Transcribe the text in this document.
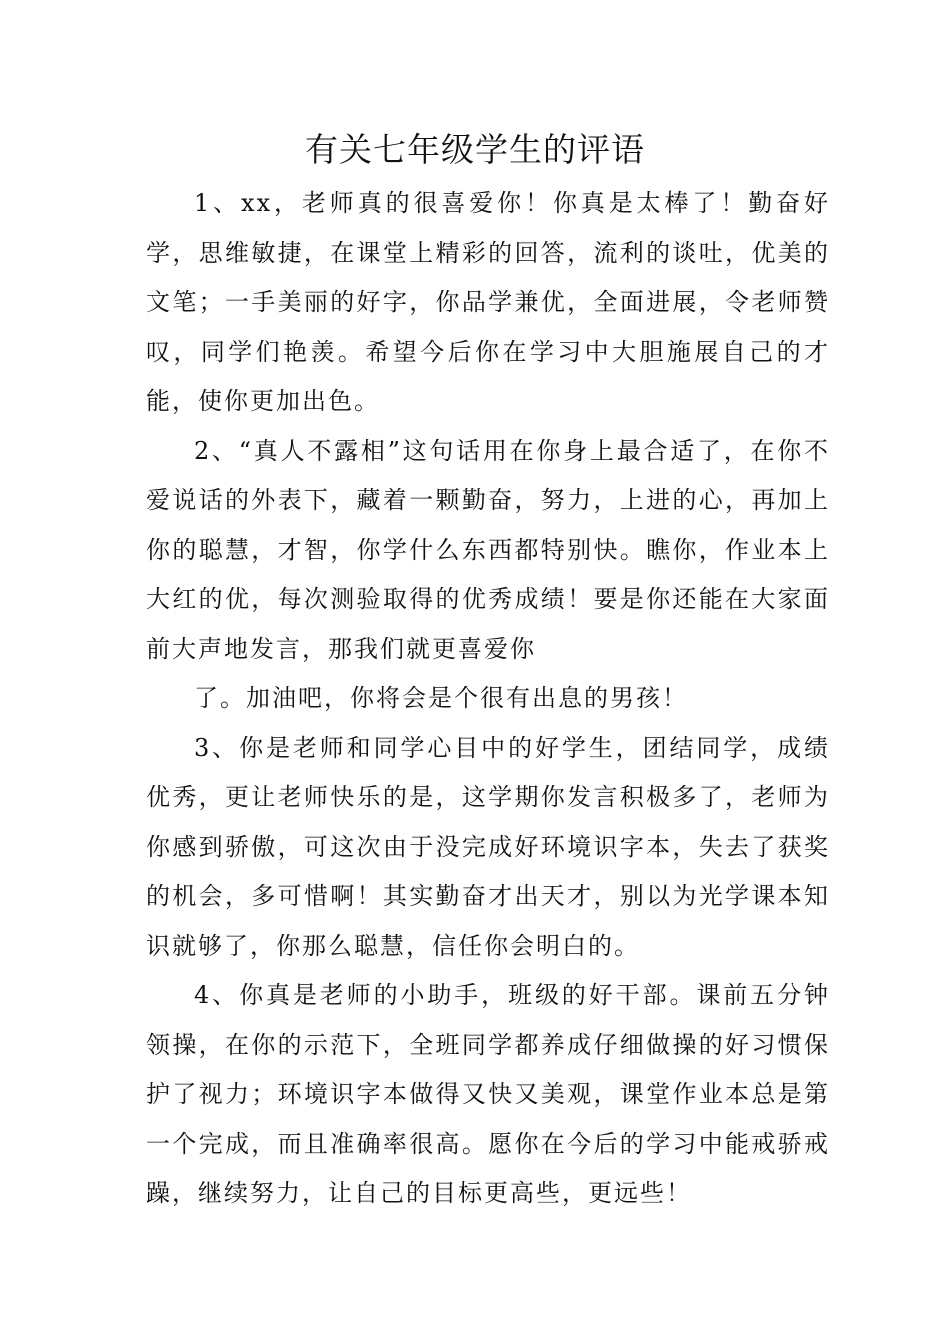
有关七年级学生的评语

1、xx，老师真的很喜爱你！你真是太棒了！勤奋好学，思维敏捷，在课堂上精彩的回答，流利的谈吐，优美的文笔；一手美丽的好字，你品学兼优，全面进展，令老师赞叹，同学们艳羡。希望今后你在学习中大胆施展自己的才能，使你更加出色。

2、“真人不露相”这句话用在你身上最合适了，在你不爱说话的外表下，藏着一颗勤奋，努力，上进的心，再加上你的聪慧，才智，你学什么东西都特别快。瞧你，作业本上大红的优，每次测验取得的优秀成绩！要是你还能在大家面前大声地发言，那我们就更喜爱你

了。加油吧，你将会是个很有出息的男孩！

3、你是老师和同学心目中的好学生，团结同学，成绩优秀，更让老师快乐的是，这学期你发言积极多了，老师为你感到骄傲，可这次由于没完成好环境识字本，失去了获奖的机会，多可惜啊！其实勤奋才出天才，别以为光学课本知识就够了，你那么聪慧，信任你会明白的。

4、你真是老师的小助手，班级的好干部。课前五分钟领操，在你的示范下，全班同学都养成仔细做操的好习惯保护了视力；环境识字本做得又快又美观，课堂作业本总是第一个完成，而且准确率很高。愿你在今后的学习中能戒骄戒躁，继续努力，让自己的目标更高些，更远些！
